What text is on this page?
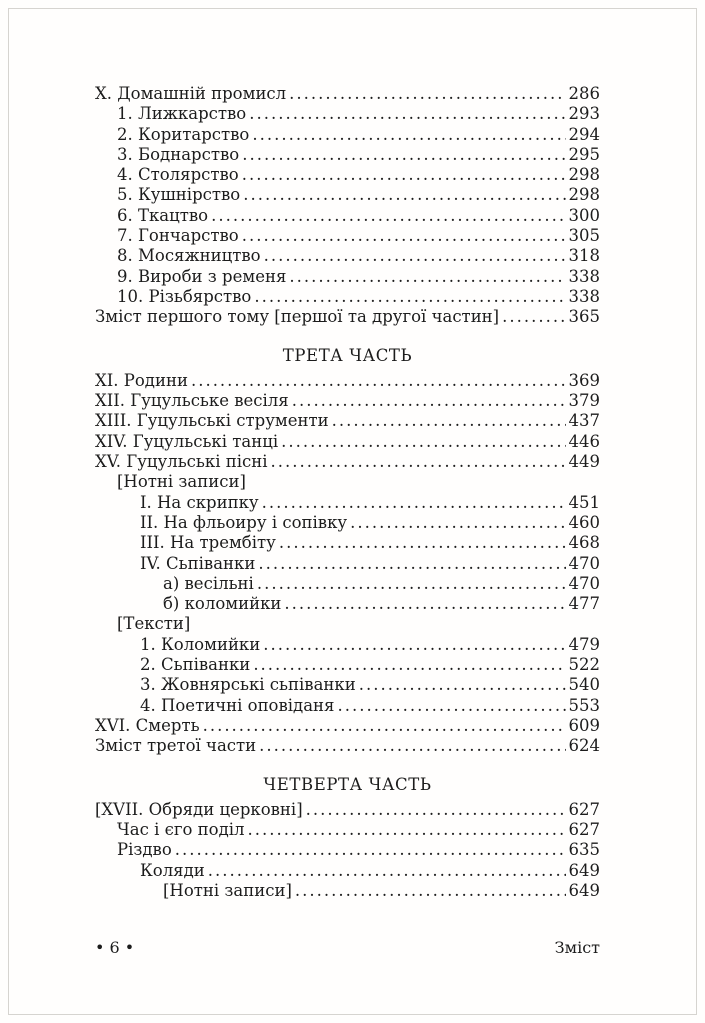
X. Домашній промисл .....	286
1. Лижкарство .....	293
2. Коритарство .....	294
3. Боднарство .....	295
4. Столярство .....	298
5. Кушнірство .....	298
6. Ткацтво .....	300
7. Гончарство .....	305
8. Мосяжництво .....	318
9. Вироби з ременя .....	338
10. Різьбярство .....	338
Зміст першого тому [першої та другої частин] .....	365
ТРЕТА ЧАСТЬ
XI. Родини .....	369
XII. Гуцульське весіля .....	379
XIII. Гуцульські струменти .....	437
XIV. Гуцульські танці .....	446
XV. Гуцульські пісні .....	449
[Нотні записи]
I. На скрипку .....	451
II. На фльоиру і сопівку .....	460
III. На трембіту .....	468
IV. Сьпіванки .....	470
а) весільні .....	470
б) коломийки .....	477
[Тексти]
1. Коломийки .....	479
2. Сьпіванки .....	522
3. Жовнярські сьпіванки .....	540
4. Поетичні оповіданя .....	553
XVI. Смерть .....	609
Зміст третої части .....	624
ЧЕТВЕРТА ЧАСТЬ
[XVII. Обряди церковні] .....	627
Час і єго поділ .....	627
Різдво .....	635
Коляди .....	649
[Нотні записи] .....	649
• 6 •	Зміст
